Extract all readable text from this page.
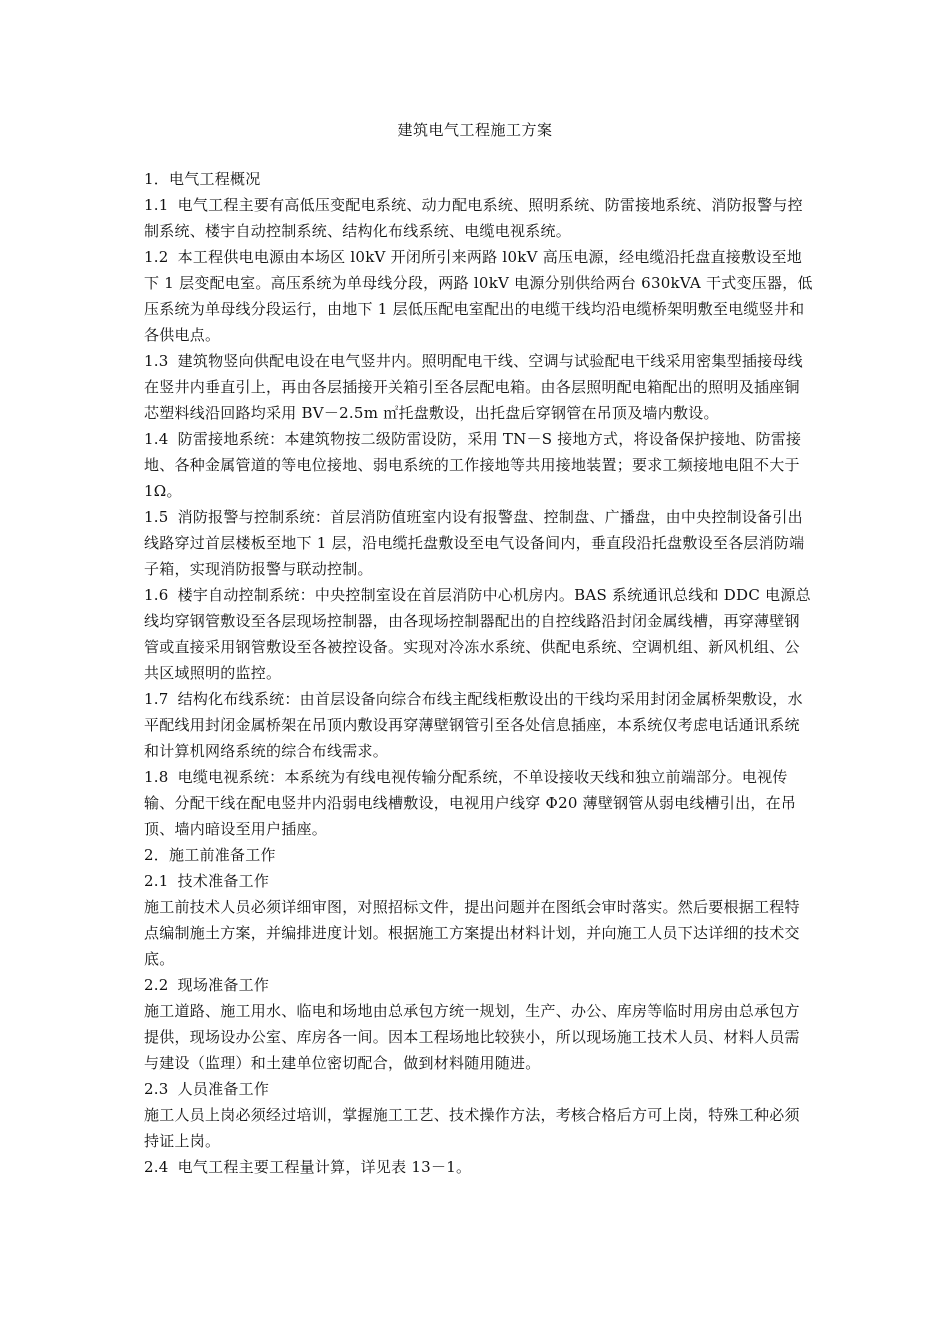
建筑电气工程施工方案

1．电气工程概况

1.1 电气工程主要有高低压变配电系统、动力配电系统、照明系统、防雷接地系统、消防报警与控制系统、楼宇自动控制系统、结构化布线系统、电缆电视系统。

1.2 本工程供电电源由本场区 l0kV 开闭所引来两路 l0kV 高压电源，经电缆沿托盘直接敷设至地下 1 层变配电室。高压系统为单母线分段，两路 l0kV 电源分别供给两台 630kVA 干式变压器，低压系统为单母线分段运行，由地下 1 层低压配电室配出的电缆干线均沿电缆桥架明敷至电缆竖井和各供电点。

1.3 建筑物竖向供配电设在电气竖井内。照明配电干线、空调与试验配电干线采用密集型插接母线在竖井内垂直引上，再由各层插接开关箱引至各层配电箱。由各层照明配电箱配出的照明及插座铜芯塑料线沿回路均采用 BV－2.5m ㎡托盘敷设，出托盘后穿钢管在吊顶及墙内敷设。

1.4 防雷接地系统：本建筑物按二级防雷设防，采用 TN－S 接地方式，将设备保护接地、防雷接地、各种金属管道的等电位接地、弱电系统的工作接地等共用接地装置；要求工频接地电阻不大于 1Ω。

1.5 消防报警与控制系统：首层消防值班室内设有报警盘、控制盘、广播盘，由中央控制设备引出线路穿过首层楼板至地下 1 层，沿电缆托盘敷设至电气设备间内，垂直段沿托盘敷设至各层消防端子箱，实现消防报警与联动控制。

1.6 楼宇自动控制系统：中央控制室设在首层消防中心机房内。BAS 系统通讯总线和 DDC 电源总线均穿钢管敷设至各层现场控制器，由各现场控制器配出的自控线路沿封闭金属线槽，再穿薄壁钢管或直接采用钢管敷设至各被控设备。实现对冷冻水系统、供配电系统、空调机组、新风机组、公共区域照明的监控。

1.7 结构化布线系统：由首层设备向综合布线主配线柜敷设出的干线均采用封闭金属桥架敷设，水平配线用封闭金属桥架在吊顶内敷设再穿薄壁钢管引至各处信息插座，本系统仅考虑电话通讯系统和计算机网络系统的综合布线需求。

1.8 电缆电视系统：本系统为有线电视传输分配系统，不单设接收天线和独立前端部分。电视传输、分配干线在配电竖井内沿弱电线槽敷设，电视用户线穿 Φ20 薄壁钢管从弱电线槽引出，在吊顶、墙内暗设至用户插座。

2．施工前准备工作

2.1 技术准备工作

施工前技术人员必须详细审图，对照招标文件，提出问题并在图纸会审时落实。然后要根据工程特点编制施土方案，并编排进度计划。根据施工方案提出材料计划，并向施工人员下达详细的技术交底。

2.2 现场准备工作

施工道路、施工用水、临电和场地由总承包方统一规划，生产、办公、库房等临时用房由总承包方提供，现场设办公室、库房各一间。因本工程场地比较狭小，所以现场施工技术人员、材料人员需与建设（监理）和土建单位密切配合，做到材料随用随进。

2.3 人员准备工作

施工人员上岗必须经过培训，掌握施工工艺、技术操作方法，考核合格后方可上岗，特殊工种必须持证上岗。

2.4 电气工程主要工程量计算，详见表 13－1。
